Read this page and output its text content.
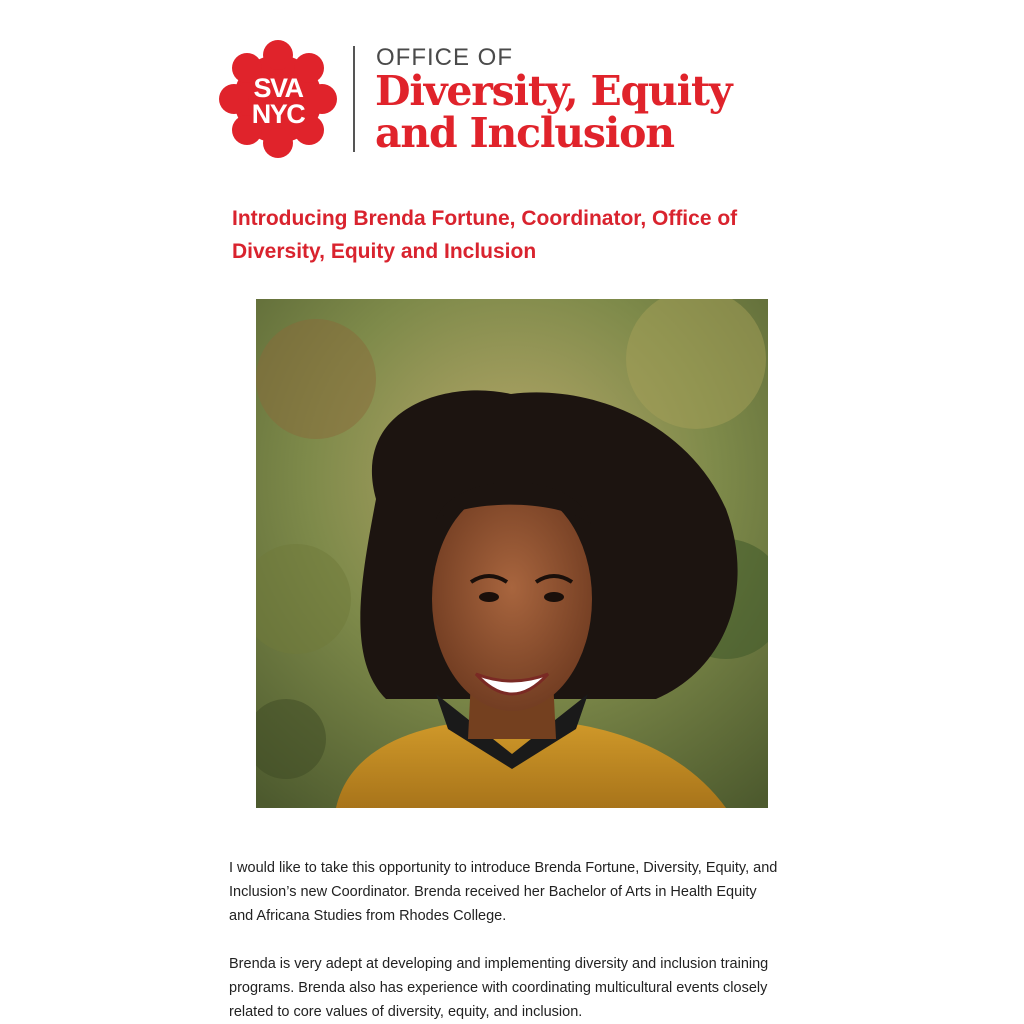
SVA
NYC
OFFICE OF
Diversity, Equity
and Inclusion
Introducing Brenda Fortune, Coordinator, Office of
Diversity, Equity and Inclusion
I would like to take this opportunity to introduce Brenda Fortune, Diversity, Equity, and
Inclusion’s new Coordinator. Brenda received her Bachelor of Arts in Health Equity
and Africana Studies from Rhodes College.
Brenda is very adept at developing and implementing diversity and inclusion training
programs. Brenda also has experience with coordinating multicultural events closely
related to core values of diversity, equity, and inclusion.
